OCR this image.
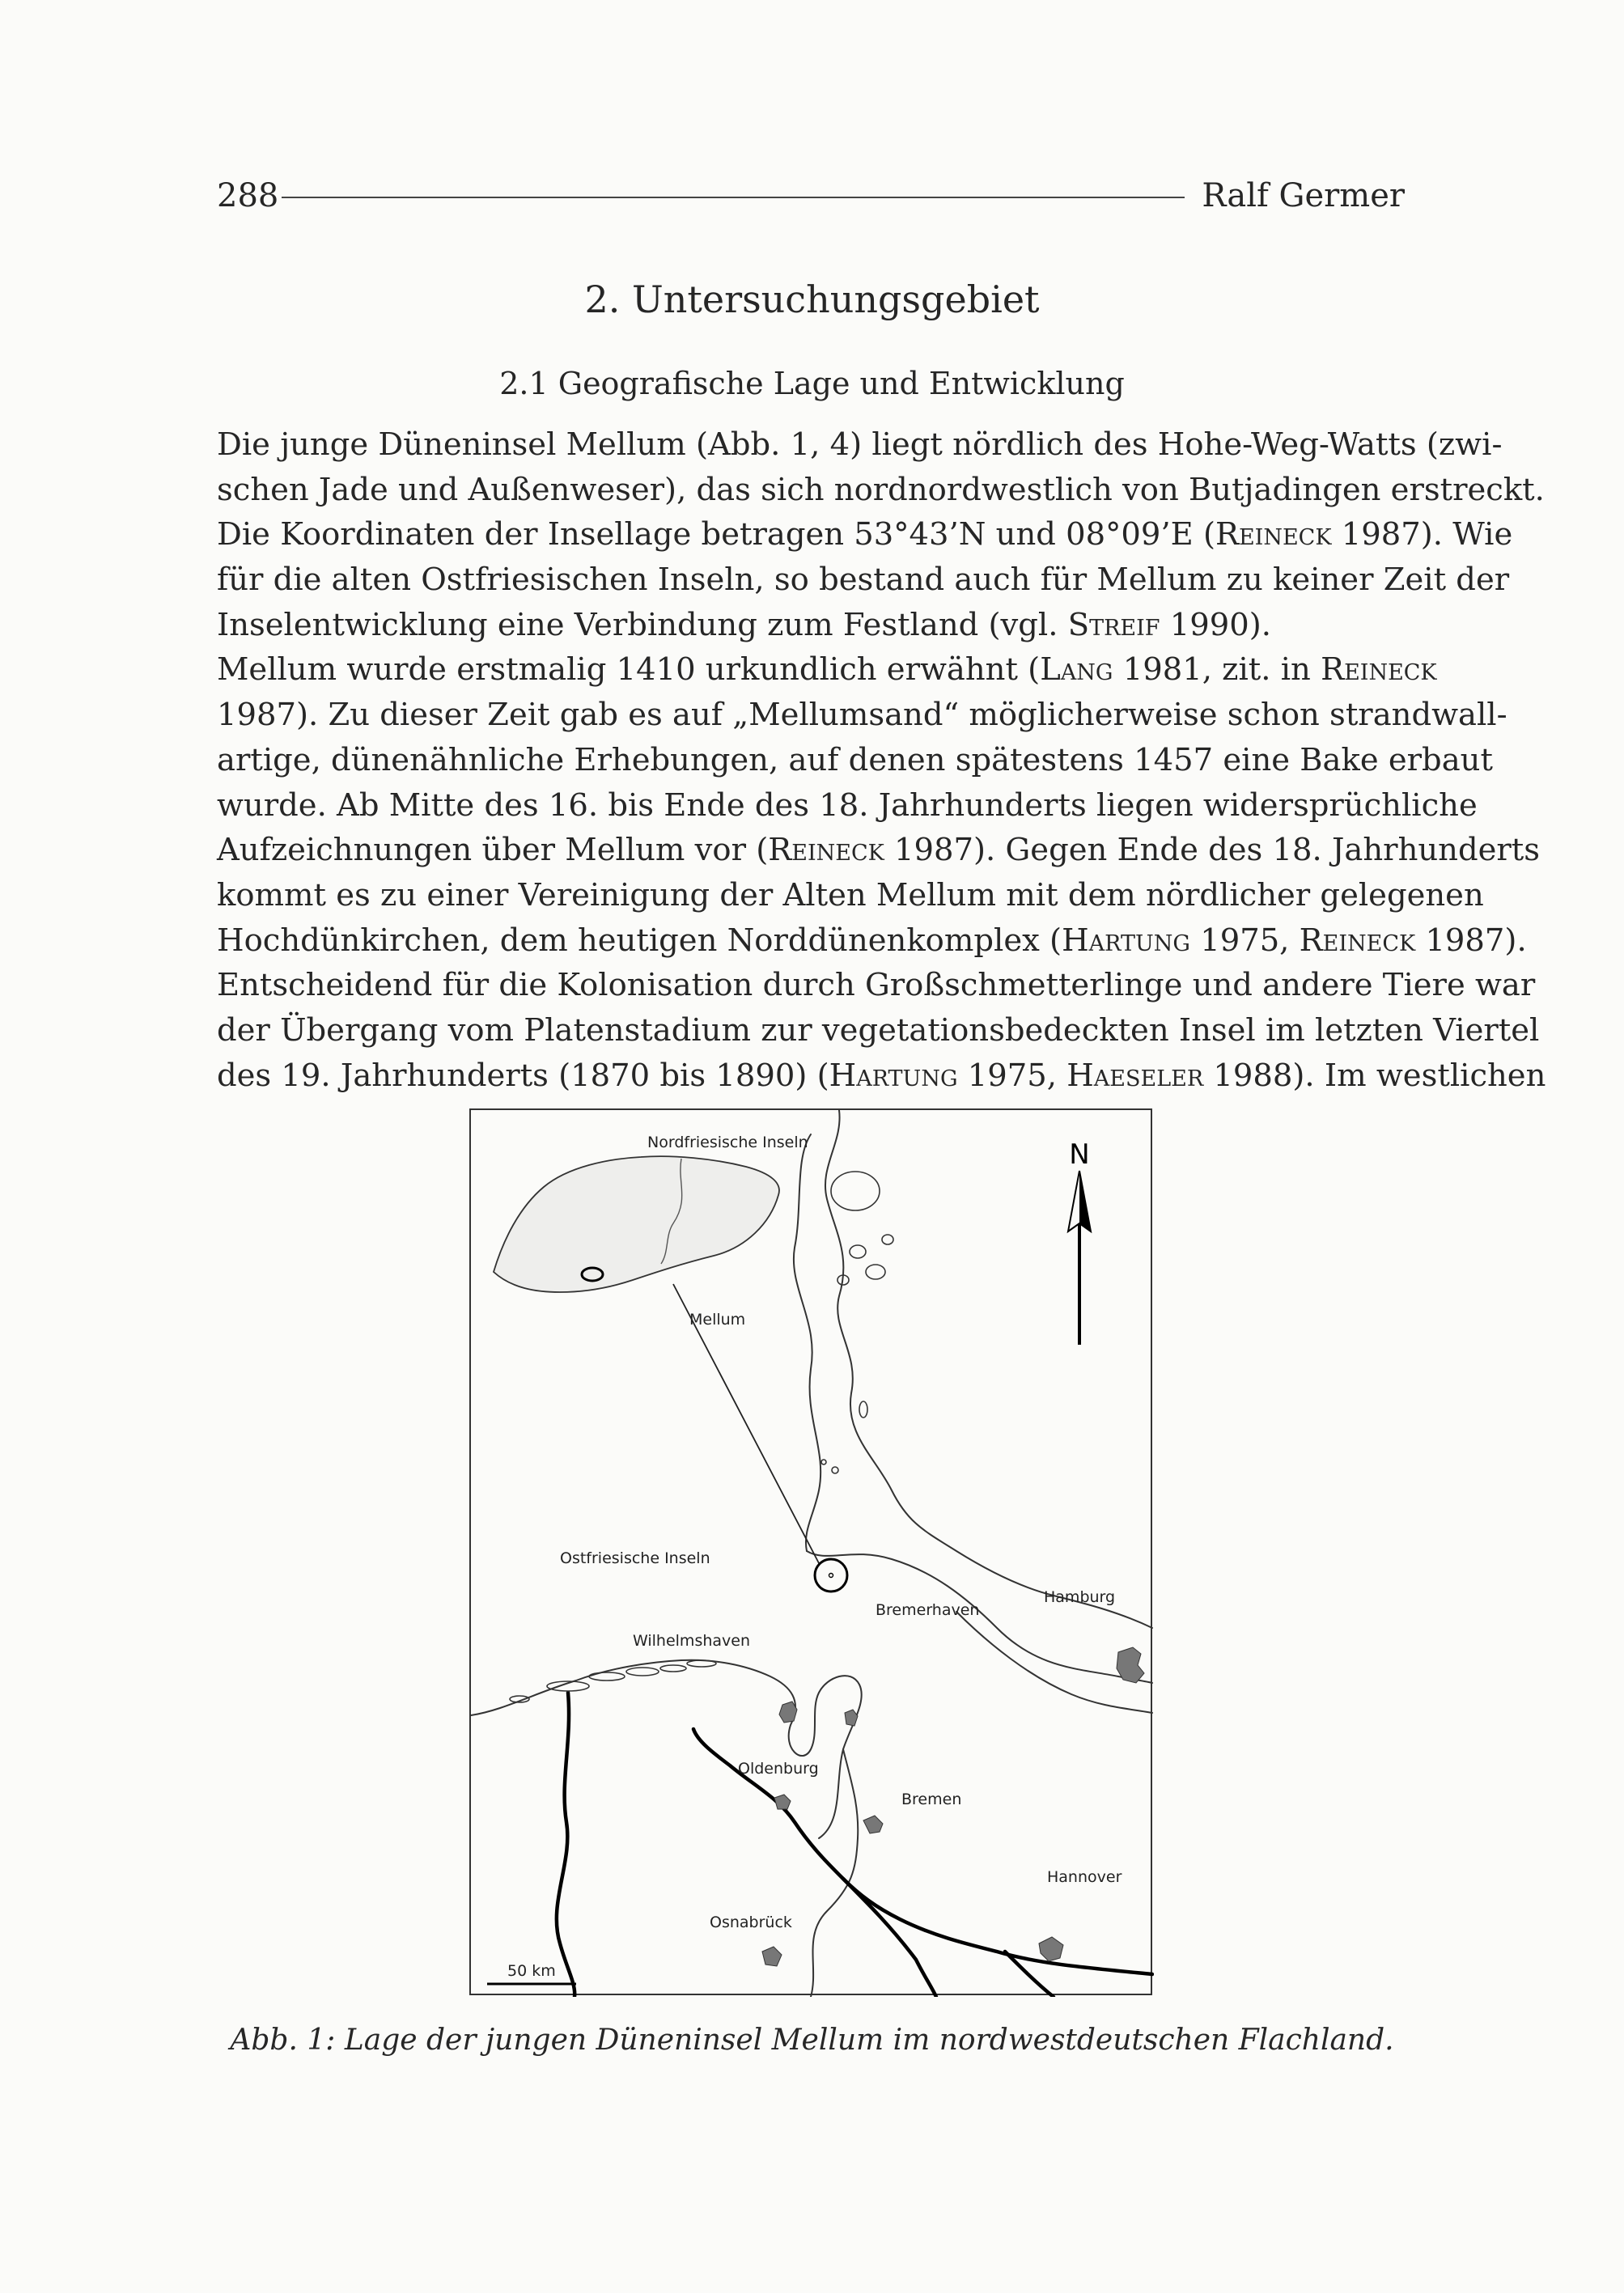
288	Ralf Germer
2. Untersuchungsgebiet
2.1 Geografische Lage und Entwicklung
Die junge Düneninsel Mellum (Abb. 1, 4) liegt nördlich des Hohe-Weg-Watts (zwi-
schen Jade und Außenweser), das sich nordnordwestlich von Butjadingen erstreckt.
Die Koordinaten der Insellage betragen 53°43’N und 08°09’E (Reineck 1987). Wie
für die alten Ostfriesischen Inseln, so bestand auch für Mellum zu keiner Zeit der
Inselentwicklung eine Verbindung zum Festland (vgl. Streif 1990).
Mellum wurde erstmalig 1410 urkundlich erwähnt (Lang 1981, zit. in Reineck
1987). Zu dieser Zeit gab es auf „Mellumsand“ möglicherweise schon strandwall-
artige, dünenähnliche Erhebungen, auf denen spätestens 1457 eine Bake erbaut
wurde. Ab Mitte des 16. bis Ende des 18. Jahrhunderts liegen widersprüchliche
Aufzeichnungen über Mellum vor (Reineck 1987). Gegen Ende des 18. Jahrhunderts
kommt es zu einer Vereinigung der Alten Mellum mit dem nördlicher gelegenen
Hochdünkirchen, dem heutigen Norddünenkomplex (Hartung 1975, Reineck 1987).
Entscheidend für die Kolonisation durch Großschmetterlinge und andere Tiere war
der Übergang vom Platenstadium zur vegetationsbedeckten Insel im letzten Viertel
des 19. Jahrhunderts (1870 bis 1890) (Hartung 1975, Haeseler 1988). Im westlichen
Nordfriesische Inseln	N
Mellum
Ostfriesische Inseln
Wilhelmshaven
Bremerhaven
Hamburg
Oldenburg
Bremen
Hannover
Osnabrück
50 km
Abb. 1: Lage der jungen Düneninsel Mellum im nordwestdeutschen Flachland.
